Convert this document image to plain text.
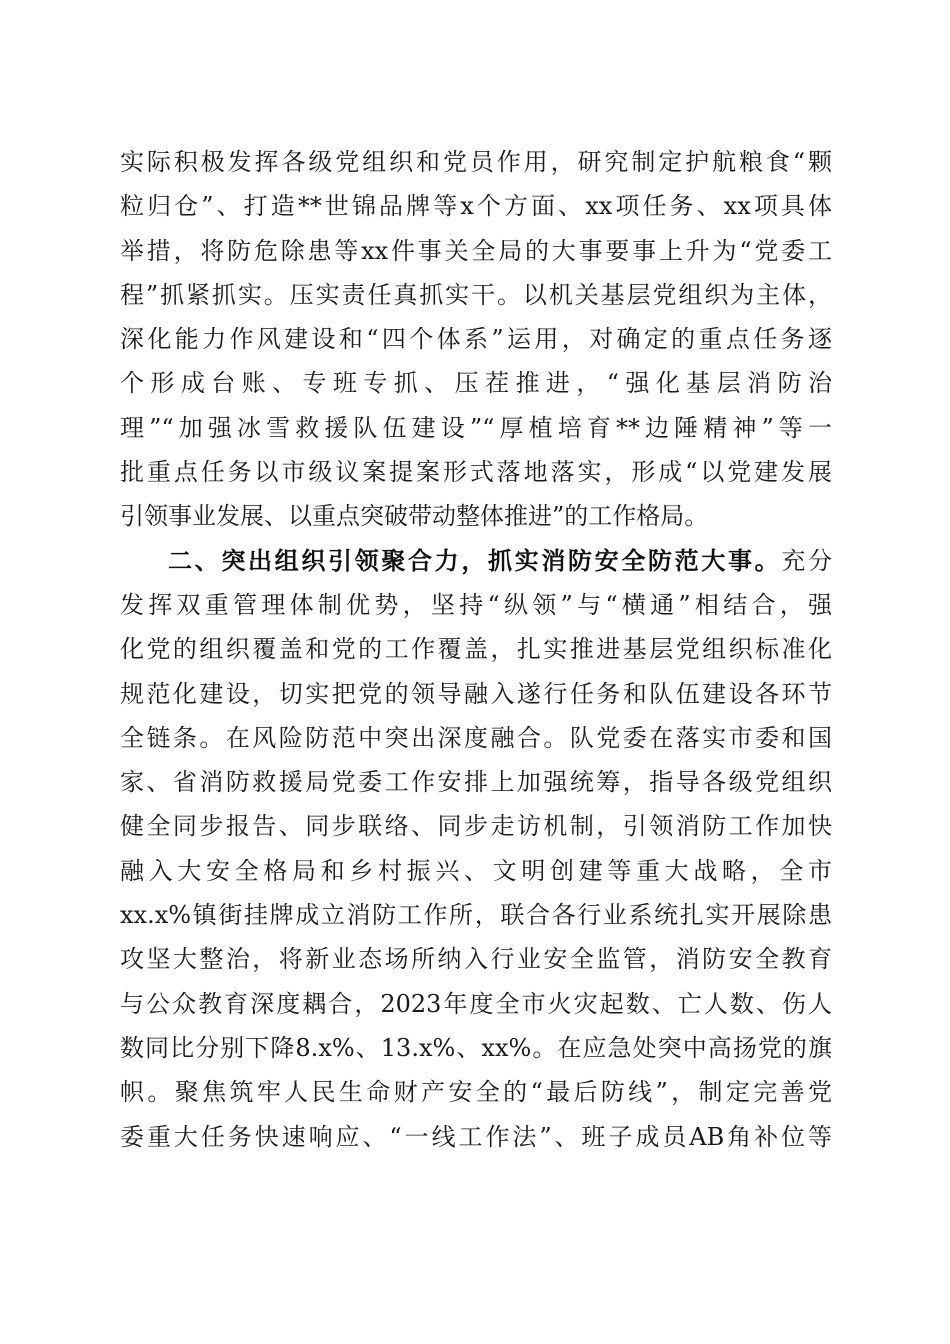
实际积极发挥各级党组织和党员作用，研究制定护航粮食“颗
粒归仓”、打造**世锦品牌等x个方面、xx项任务、xx项具体
举措，将防危除患等xx件事关全局的大事要事上升为“党委工
程”抓紧抓实。压实责任真抓实干。以机关基层党组织为主体，
深化能力作风建设和“四个体系”运用，对确定的重点任务逐
个形成台账、专班专抓、压茬推进，“强化基层消防治
理”“加强冰雪救援队伍建设”“厚植培育**边陲精神”等一
批重点任务以市级议案提案形式落地落实，形成“以党建发展
引领事业发展、以重点突破带动整体推进”的工作格局。
二、突出组织引领聚合力，抓实消防安全防范大事。充分
发挥双重管理体制优势，坚持“纵领”与“横通”相结合，强
化党的组织覆盖和党的工作覆盖，扎实推进基层党组织标准化
规范化建设，切实把党的领导融入遂行任务和队伍建设各环节
全链条。在风险防范中突出深度融合。队党委在落实市委和国
家、省消防救援局党委工作安排上加强统筹，指导各级党组织
健全同步报告、同步联络、同步走访机制，引领消防工作加快
融入大安全格局和乡村振兴、文明创建等重大战略，全市
xx.x%镇街挂牌成立消防工作所，联合各行业系统扎实开展除患
攻坚大整治，将新业态场所纳入行业安全监管，消防安全教育
与公众教育深度耦合，2023年度全市火灾起数、亡人数、伤人
数同比分别下降8.x%、13.x%、xx%。在应急处突中高扬党的旗
帜。聚焦筑牢人民生命财产安全的“最后防线”，制定完善党
委重大任务快速响应、“一线工作法”、班子成员AB角补位等
